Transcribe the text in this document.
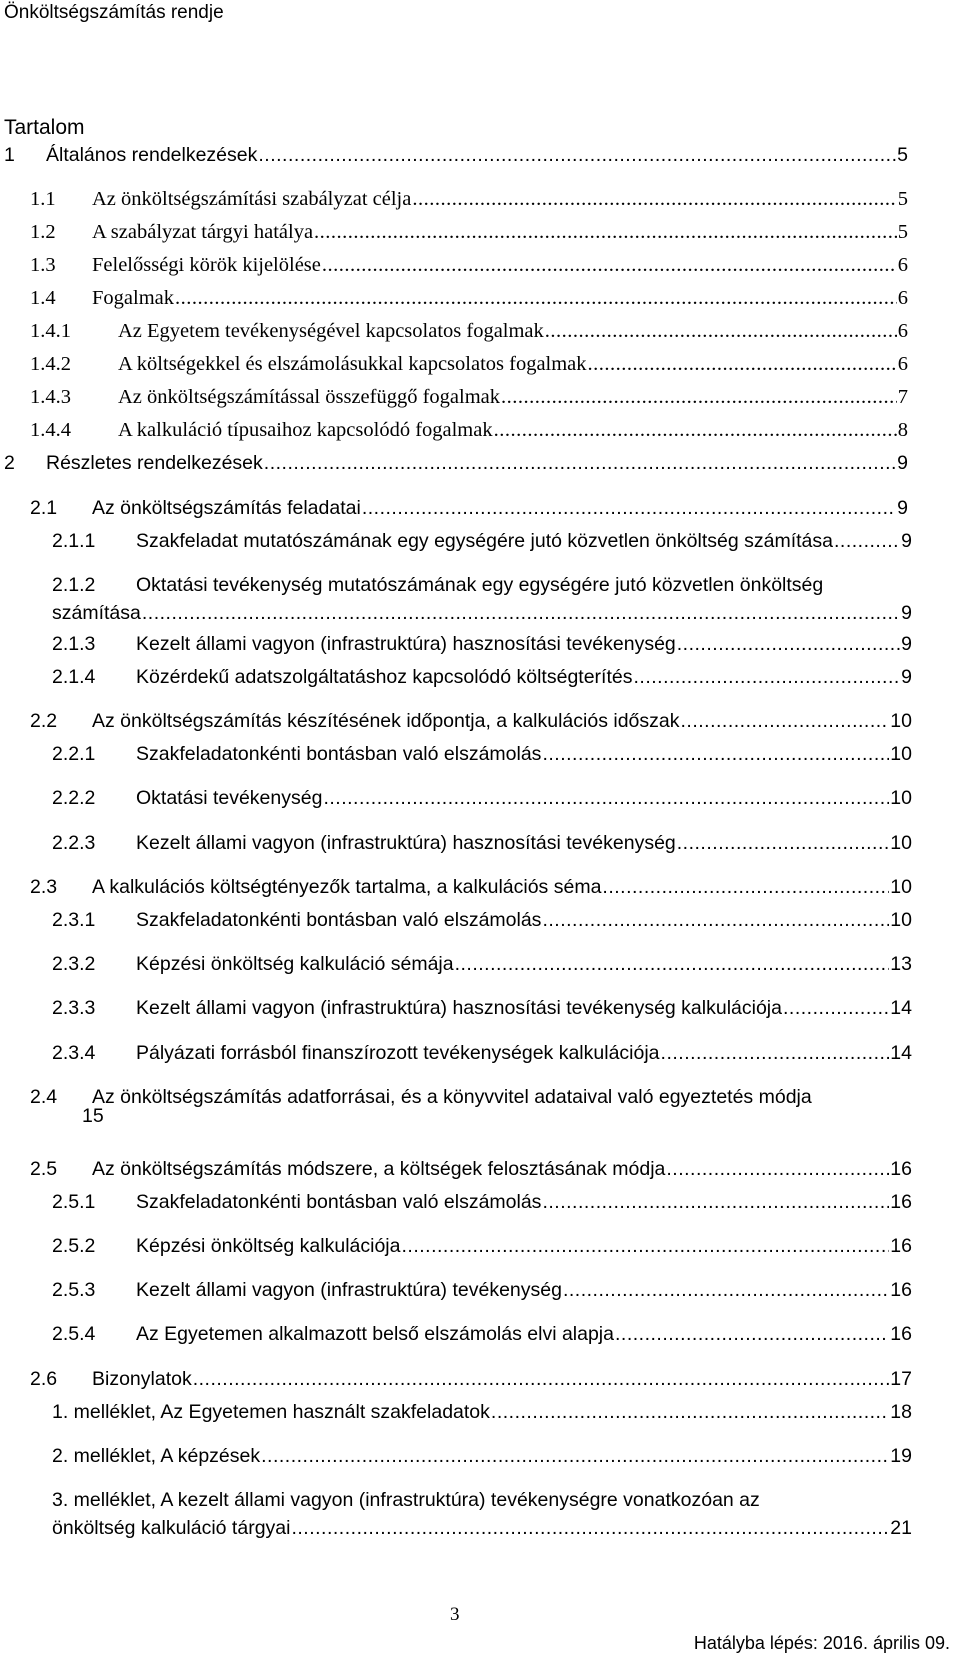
Önköltségszámítás rendje
Tartalom
1	Általános rendelkezések .....	5
1.1	Az önköltségszámítási szabályzat célja .....	5
1.2	A szabályzat tárgyi hatálya .....	5
1.3	Felelősségi körök kijelölése .....	6
1.4	Fogalmak .....	6
1.4.1	Az Egyetem tevékenységével kapcsolatos fogalmak .....	6
1.4.2	A költségekkel és elszámolásukkal kapcsolatos fogalmak .....	6
1.4.3	Az önköltségszámítással összefüggő fogalmak .....	7
1.4.4	A kalkuláció típusaihoz kapcsolódó fogalmak .....	8
2	Részletes rendelkezések .....	9
2.1	Az önköltségszámítás feladatai .....	9
2.1.1	Szakfeladat mutatószámának egy egységére jutó közvetlen önköltség számítása .....	9
2.1.2	Oktatási tevékenység mutatószámának egy egységére jutó közvetlen önköltség
számítása .....	9
2.1.3	Kezelt állami vagyon (infrastruktúra) hasznosítási tevékenység .....	9
2.1.4	Közérdekű adatszolgáltatáshoz kapcsolódó költségterítés .....	9
2.2	Az önköltségszámítás készítésének időpontja, a kalkulációs időszak .....	10
2.2.1	Szakfeladatonkénti bontásban való elszámolás .....	10
2.2.2	Oktatási tevékenység .....	10
2.2.3	Kezelt állami vagyon (infrastruktúra) hasznosítási tevékenység .....	10
2.3	A kalkulációs költségtényezők tartalma, a kalkulációs séma .....	10
2.3.1	Szakfeladatonkénti bontásban való elszámolás .....	10
2.3.2	Képzési önköltség kalkuláció sémája .....	13
2.3.3	Kezelt állami vagyon (infrastruktúra) hasznosítási tevékenység kalkulációja .....	14
2.3.4	Pályázati forrásból finanszírozott tevékenységek kalkulációja .....	14
2.4	Az önköltségszámítás adatforrásai, és a könyvvitel adataival való egyeztetés módja
15
2.5	Az önköltségszámítás módszere, a költségek felosztásának módja .....	16
2.5.1	Szakfeladatonkénti bontásban való elszámolás .....	16
2.5.2	Képzési önköltség kalkulációja .....	16
2.5.3	Kezelt állami vagyon (infrastruktúra) tevékenység .....	16
2.5.4	Az Egyetemen alkalmazott belső elszámolás elvi alapja .....	16
2.6	Bizonylatok .....	17
1. melléklet, Az Egyetemen használt szakfeladatok .....	18
2. melléklet, A képzések .....	19
3. melléklet, A kezelt állami vagyon (infrastruktúra) tevékenységre vonatkozóan az
önköltség kalkuláció tárgyai .....	21
3
Hatályba lépés: 2016. április 09.
